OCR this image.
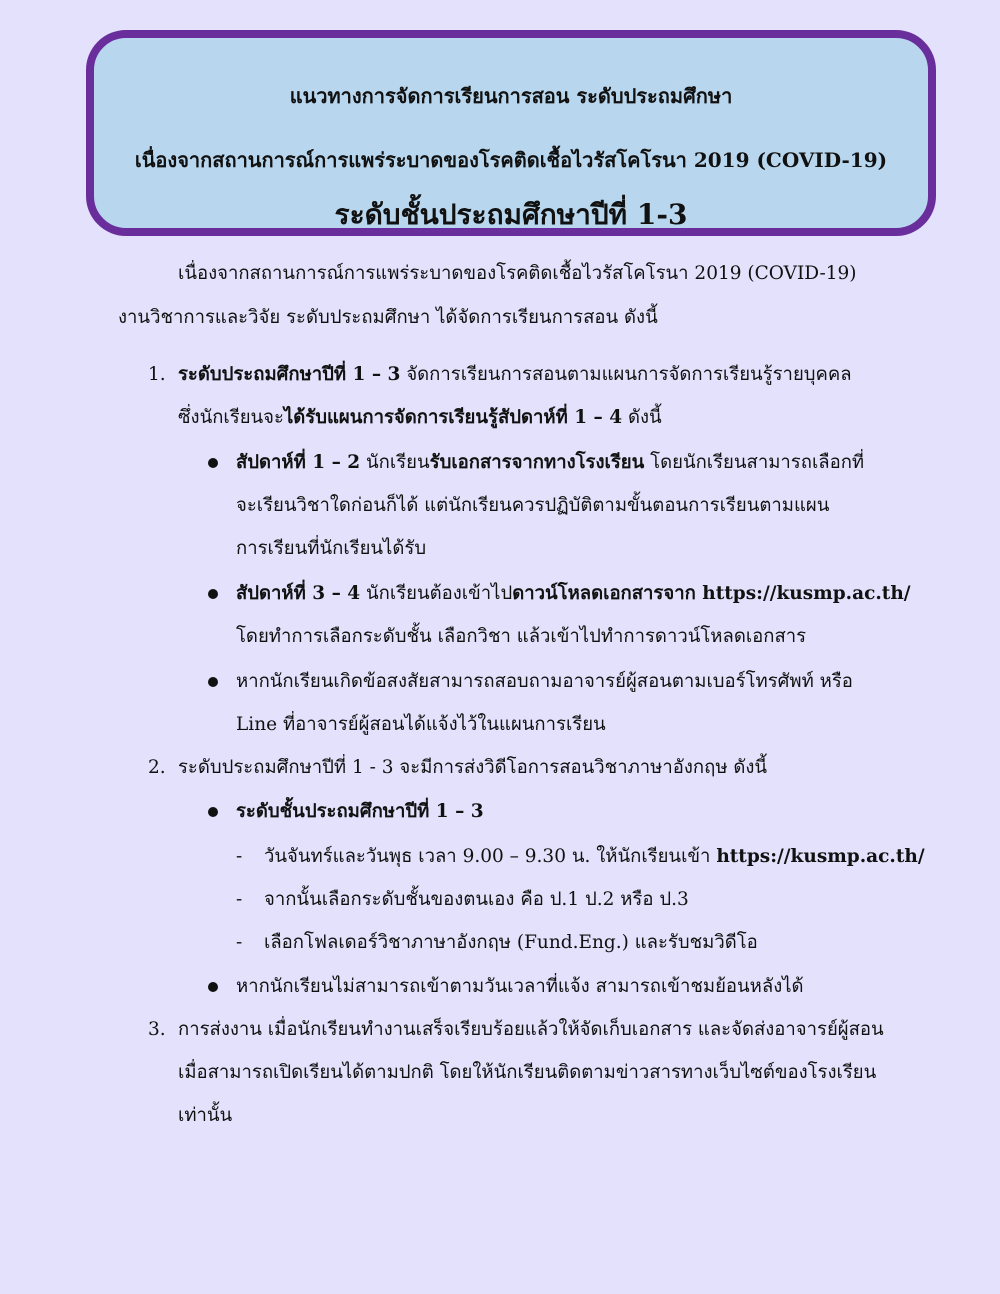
แนวทางการจัดการเรียนการสอน ระดับประถมศึกษา
เนื่องจากสถานการณ์การแพร่ระบาดของโรคติดเชื้อไวรัสโคโรนา 2019 (COVID-19)
ระดับชั้นประถมศึกษาปีที่ 1-3
เนื่องจากสถานการณ์การแพร่ระบาดของโรคติดเชื้อไวรัสโคโรนา 2019 (COVID-19)
งานวิชาการและวิจัย ระดับประถมศึกษา ได้จัดการเรียนการสอน ดังนี้
1. ระดับประถมศึกษาปีที่ 1 – 3 จัดการเรียนการสอนตามแผนการจัดการเรียนรู้รายบุคคล
ซึ่งนักเรียนจะได้รับแผนการจัดการเรียนรู้สัปดาห์ที่ 1 – 4 ดังนี้
สัปดาห์ที่ 1 – 2 นักเรียนรับเอกสารจากทางโรงเรียน โดยนักเรียนสามารถเลือกที่
จะเรียนวิชาใดก่อนก็ได้ แต่นักเรียนควรปฏิบัติตามขั้นตอนการเรียนตามแผน
การเรียนที่นักเรียนได้รับ
สัปดาห์ที่ 3 – 4 นักเรียนต้องเข้าไปดาวน์โหลดเอกสารจาก https://kusmp.ac.th/
โดยทำการเลือกระดับชั้น เลือกวิชา แล้วเข้าไปทำการดาวน์โหลดเอกสาร
หากนักเรียนเกิดข้อสงสัยสามารถสอบถามอาจารย์ผู้สอนตามเบอร์โทรศัพท์ หรือ
Line ที่อาจารย์ผู้สอนได้แจ้งไว้ในแผนการเรียน
2. ระดับประถมศึกษาปีที่ 1 - 3 จะมีการส่งวิดีโอการสอนวิชาภาษาอังกฤษ ดังนี้
ระดับชั้นประถมศึกษาปีที่ 1 – 3
- วันจันทร์และวันพุธ เวลา 9.00 – 9.30 น. ให้นักเรียนเข้า https://kusmp.ac.th/
- จากนั้นเลือกระดับชั้นของตนเอง คือ ป.1 ป.2 หรือ ป.3
- เลือกโฟลเดอร์วิชาภาษาอังกฤษ (Fund.Eng.) และรับชมวิดีโอ
หากนักเรียนไม่สามารถเข้าตามวันเวลาที่แจ้ง สามารถเข้าชมย้อนหลังได้
3. การส่งงาน เมื่อนักเรียนทำงานเสร็จเรียบร้อยแล้วให้จัดเก็บเอกสาร และจัดส่งอาจารย์ผู้สอน
เมื่อสามารถเปิดเรียนได้ตามปกติ โดยให้นักเรียนติดตามข่าวสารทางเว็บไซต์ของโรงเรียน
เท่านั้น
